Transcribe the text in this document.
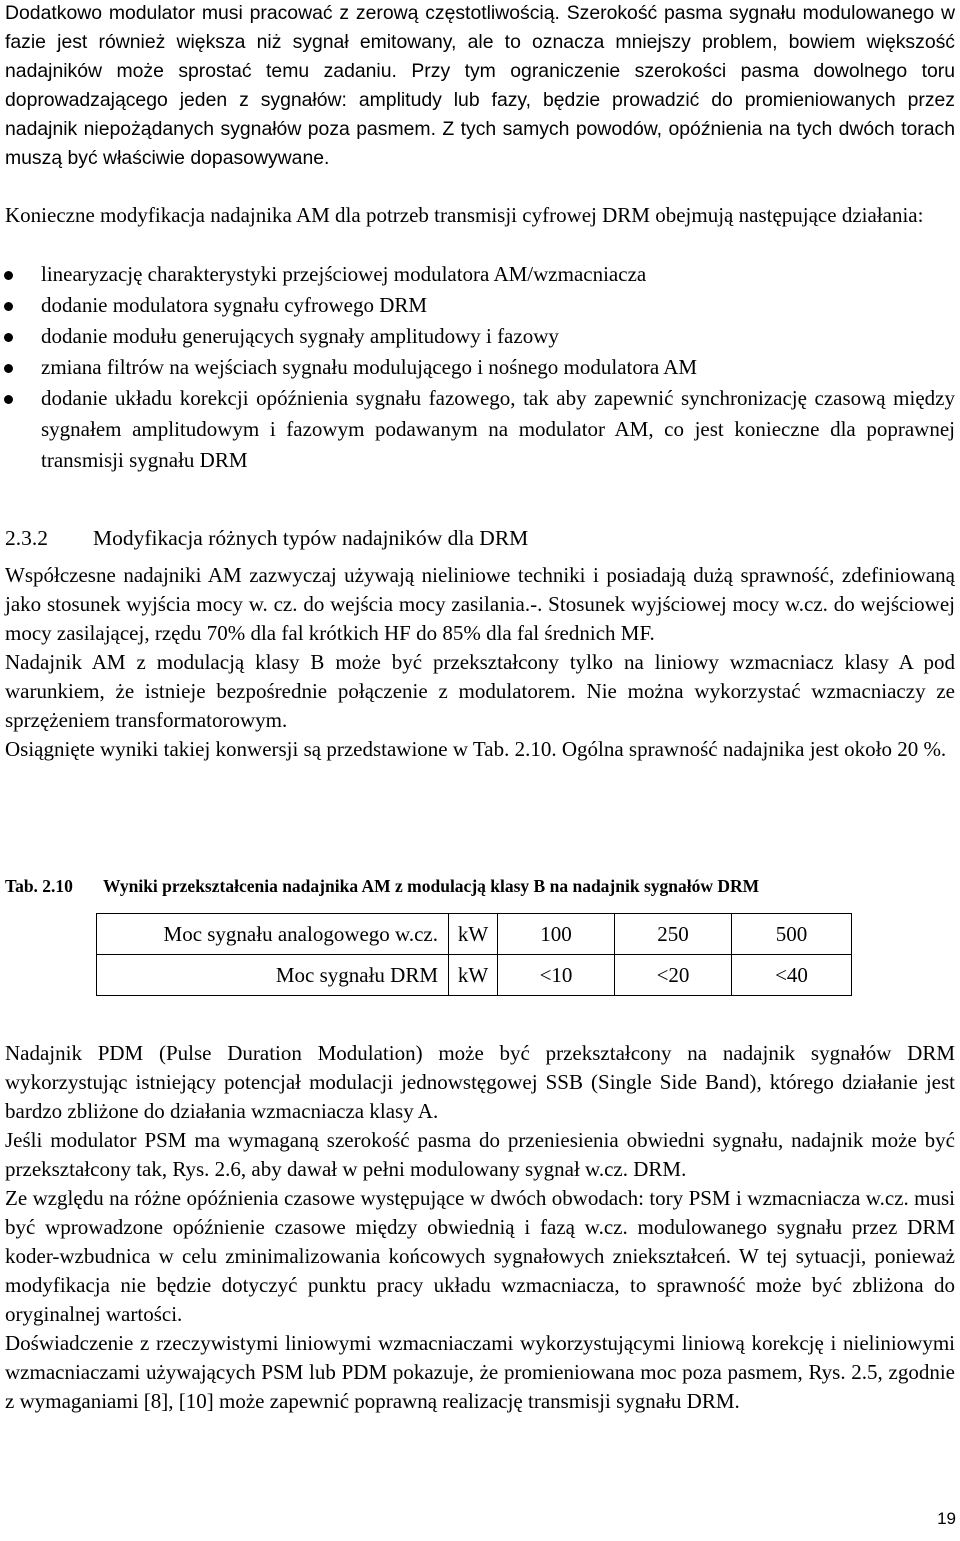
Dodatkowo modulator musi pracować z zerową częstotliwością. Szerokość pasma sygnału modulowanego w fazie jest również większa niż sygnał emitowany, ale to oznacza mniejszy problem, bowiem większość nadajników może sprostać temu zadaniu. Przy tym ograniczenie szerokości pasma dowolnego toru doprowadzającego jeden z sygnałów: amplitudy lub fazy, będzie prowadzić do promieniowanych przez nadajnik niepożądanych sygnałów poza pasmem. Z tych samych powodów, opóźnienia na tych dwóch torach muszą być właściwie dopasowywane.

Konieczne modyfikacja nadajnika AM dla potrzeb transmisji cyfrowej DRM obejmują następujące działania:

linearyzację charakterystyki przejściowej modulatora AM/wzmacniacza
dodanie modulatora sygnału cyfrowego DRM
dodanie modułu generujących sygnały amplitudowy i fazowy
zmiana filtrów na wejściach sygnału modulującego i nośnego modulatora AM
dodanie układu korekcji opóźnienia sygnału fazowego, tak aby zapewnić synchronizację czasową między sygnałem amplitudowym i fazowym podawanym na modulator AM, co jest konieczne dla poprawnej transmisji sygnału DRM
2.3.2 Modyfikacja różnych typów nadajników dla DRM

Współczesne nadajniki AM zazwyczaj używają nieliniowe techniki i posiadają dużą sprawność, zdefiniowaną jako stosunek wyjścia mocy w. cz. do wejścia mocy zasilania.-. Stosunek wyjściowej mocy w.cz. do wejściowej mocy zasilającej, rzędu 70% dla fal krótkich HF do 85% dla fal średnich MF.

Nadajnik AM z modulacją klasy B może być przekształcony tylko na liniowy wzmacniacz klasy A pod warunkiem, że istnieje bezpośrednie połączenie z modulatorem. Nie można wykorzystać wzmacniaczy ze sprzężeniem transformatorowym.

Osiągnięte wyniki takiej konwersji są przedstawione w Tab. 2.10. Ogólna sprawność nadajnika jest około 20 %.

Tab. 2.10 Wyniki przekształcenia nadajnika AM z modulacją klasy B na nadajnik sygnałów DRM
Moc sygnału analogowego w.cz.	kW	100	250	500
Moc sygnału DRM	kW	<10	<20	<40

Nadajnik PDM (Pulse Duration Modulation) może być przekształcony na nadajnik sygnałów DRM wykorzystując istniejący potencjał modulacji jednowstęgowej SSB (Single Side Band), którego działanie jest bardzo zbliżone do działania wzmacniacza klasy A.

Jeśli modulator PSM ma wymaganą szerokość pasma do przeniesienia obwiedni sygnału, nadajnik może być przekształcony tak, Rys. 2.6, aby dawał w pełni modulowany sygnał w.cz. DRM.

Ze względu na różne opóźnienia czasowe występujące w dwóch obwodach: tory PSM i wzmacniacza w.cz. musi być wprowadzone opóźnienie czasowe między obwiednią i fazą w.cz. modulowanego sygnału przez DRM koder-wzbudnica w celu zminimalizowania końcowych sygnałowych zniekształceń. W tej sytuacji, ponieważ modyfikacja nie będzie dotyczyć punktu pracy układu wzmacniacza, to sprawność może być zbliżona do oryginalnej wartości.

Doświadczenie z rzeczywistymi liniowymi wzmacniaczami wykorzystującymi liniową korekcję i nieliniowymi wzmacniaczami używających PSM lub PDM pokazuje, że promieniowana moc poza pasmem, Rys. 2.5, zgodnie z wymaganiami [8], [10] może zapewnić poprawną realizację transmisji sygnału DRM.

19
